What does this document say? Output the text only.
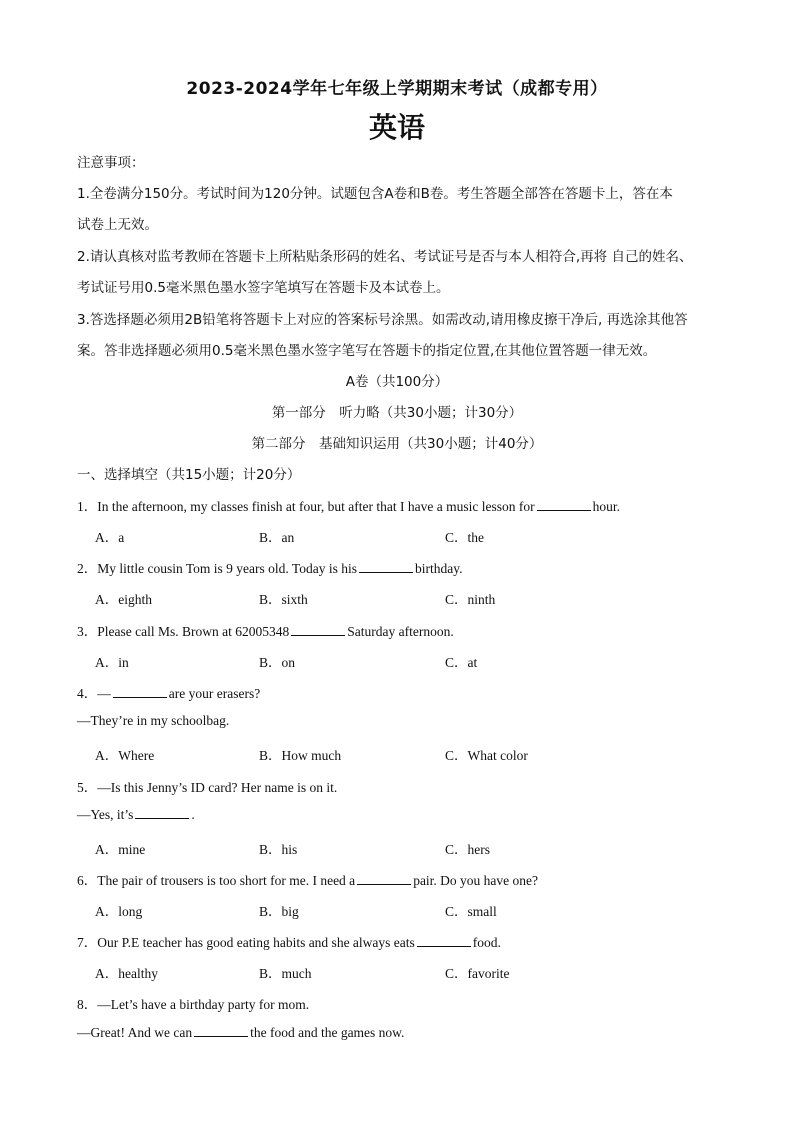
2023-2024学年七年级上学期期末考试（成都专用）
英语
注意事项：
1.全卷满分150分。考试时间为120分钟。试题包含A卷和B卷。考生答题全部答在答题卡上，答在本
试卷上无效。
2.请认真核对监考教师在答题卡上所粘贴条形码的姓名、考试证号是否与本人相符合,再将 自己的姓名、
考试证号用0.5毫米黑色墨水签字笔填写在答题卡及本试卷上。
3.答选择题必须用2B铅笔将答题卡上对应的答案标号涂黑。如需改动,请用橡皮擦干净后, 再选涂其他答
案。答非选择题必须用0.5毫米黑色墨水签字笔写在答题卡的指定位置,在其他位置答题一律无效。
A卷（共100分）
第一部分　听力略（共30小题；计30分）
第二部分　基础知识运用（共30小题；计40分）
一、选择填空（共15小题；计20分）
1．In the afternoon, my classes finish at four, but after that I have a music lesson for	hour.
A．a	B．an	C．the
2．My little cousin Tom is 9 years old. Today is his	birthday.
A．eighth	B．sixth	C．ninth
3．Please call Ms. Brown at 62005348	Saturday afternoon.
A．in	B．on	C．at
4．—	are your erasers?
—They’re in my schoolbag.
A．Where	B．How much	C．What color
5．—Is this Jenny’s ID card? Her name is on it.
—Yes, it’s	.
A．mine	B．his	C．hers
6．The pair of trousers is too short for me. I need a	pair. Do you have one?
A．long	B．big	C．small
7．Our P.E teacher has good eating habits and she always eats	food.
A．healthy	B．much	C．favorite
8．—Let’s have a birthday party for mom.
—Great! And we can	the food and the games now.
